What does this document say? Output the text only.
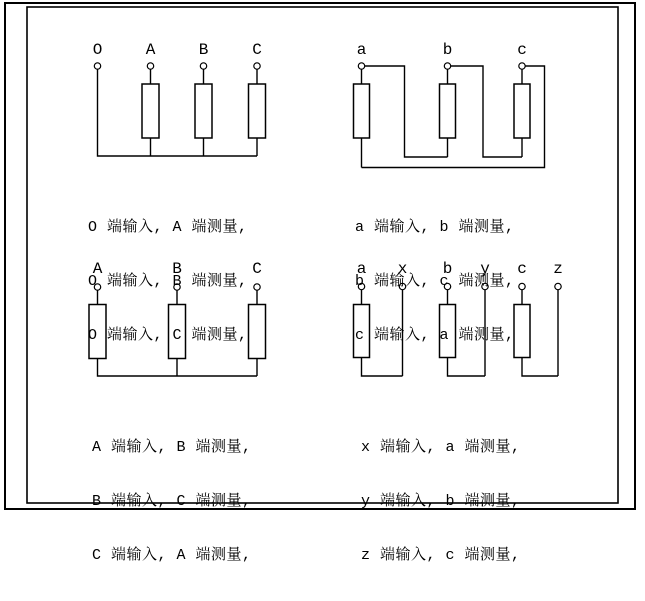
O	A	B	C	a	b	c
A	B	C	a x b y c z

O 端输入, A 端测量,

O 端输入, B 端测量,

O 端输入, C 端测量,

a 端输入, b 端测量,

b 端输入, c 端测量,

c 端输入, a 端测量,

A 端输入, B 端测量,

B 端输入, C 端测量,

C 端输入, A 端测量,

x 端输入, a 端测量,

y 端输入, b 端测量,

z 端输入, c 端测量,
